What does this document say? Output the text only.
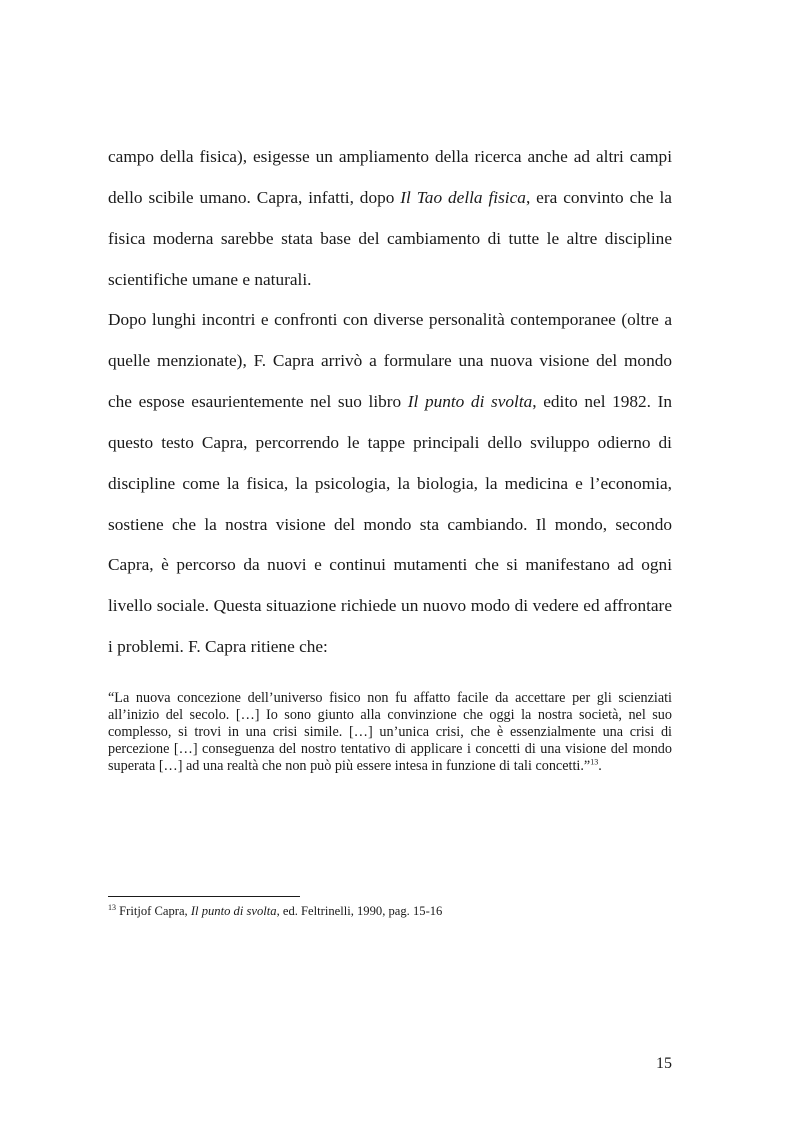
campo della fisica), esigesse un ampliamento della ricerca anche ad altri campi dello scibile umano. Capra, infatti, dopo Il Tao della fisica, era convinto che la fisica moderna sarebbe stata base del cambiamento di tutte le altre discipline scientifiche umane e naturali.

Dopo lunghi incontri e confronti con diverse personalità contemporanee (oltre a quelle menzionate), F. Capra arrivò a formulare una nuova visione del mondo che espose esaurientemente nel suo libro Il punto di svolta, edito nel 1982. In questo testo Capra, percorrendo le tappe principali dello sviluppo odierno di discipline come la fisica, la psicologia, la biologia, la medicina e l’economia, sostiene che la nostra visione del mondo sta cambiando. Il mondo, secondo Capra, è percorso da nuovi e continui mutamenti che si manifestano ad ogni livello sociale. Questa situazione richiede un nuovo modo di vedere ed affrontare i problemi. F. Capra ritiene che:

“La nuova concezione dell’universo fisico non fu affatto facile da accettare per gli scienziati all’inizio del secolo. […] Io sono giunto alla convinzione che oggi la nostra società, nel suo complesso, si trovi in una crisi simile. […] un’unica crisi, che è essenzialmente una crisi di percezione […] conseguenza del nostro tentativo di applicare i concetti di una visione del mondo superata […] ad una realtà che non può più essere intesa in funzione di tali concetti.”$^{13}$.

$^{13}$ Fritjof Capra, Il punto di svolta, ed. Feltrinelli, 1990, pag. 15-16
15
